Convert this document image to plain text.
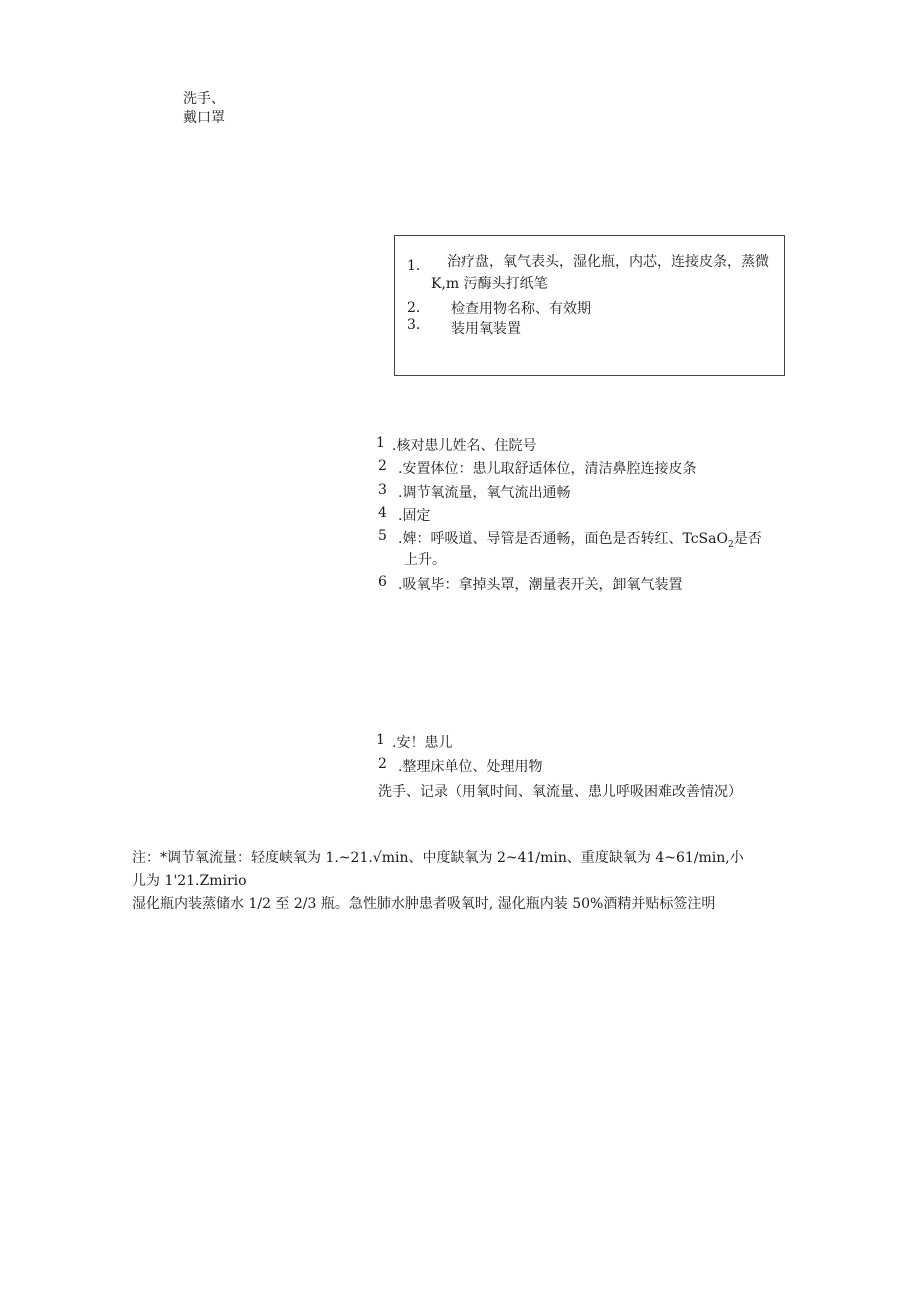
洗手、
戴口罩
1. 治疗盘，氧气表头，湿化瓶，内芯，连接皮条，蒸微
K,m 污酶头打纸笔
2. 检查用物名称、有效期
3. 装用氧装置
1 .核对患儿姓名、住院号
2 .安置体位：患儿取舒适体位，清洁鼻腔连接皮条
3 .调节氧流量，氧气流出通畅
4 .固定
5 .婢：呼吸道、导管是否通畅，面色是否转红、TcSaO$_2$是否
上升。
6 .吸氧毕：拿掉头罩，潮量表开关，卸氧气装置
1 .安！患儿
2 .整理床单位、处理用物
洗手、记录（用氧时间、氧流量、患儿呼吸困难改善情况）
注：*调节氧流量：轻度峡氧为 1.~21.√min、中度缺氧为 2~41∕min、重度缺氧为 4~61∕min,小
儿为 1'21.Zmirio
湿化瓶内装蒸储水 1/2 至 2/3 瓶。急性肺水肿患者吸氧时, 湿化瓶内装 50%酒精并贴标签注明
